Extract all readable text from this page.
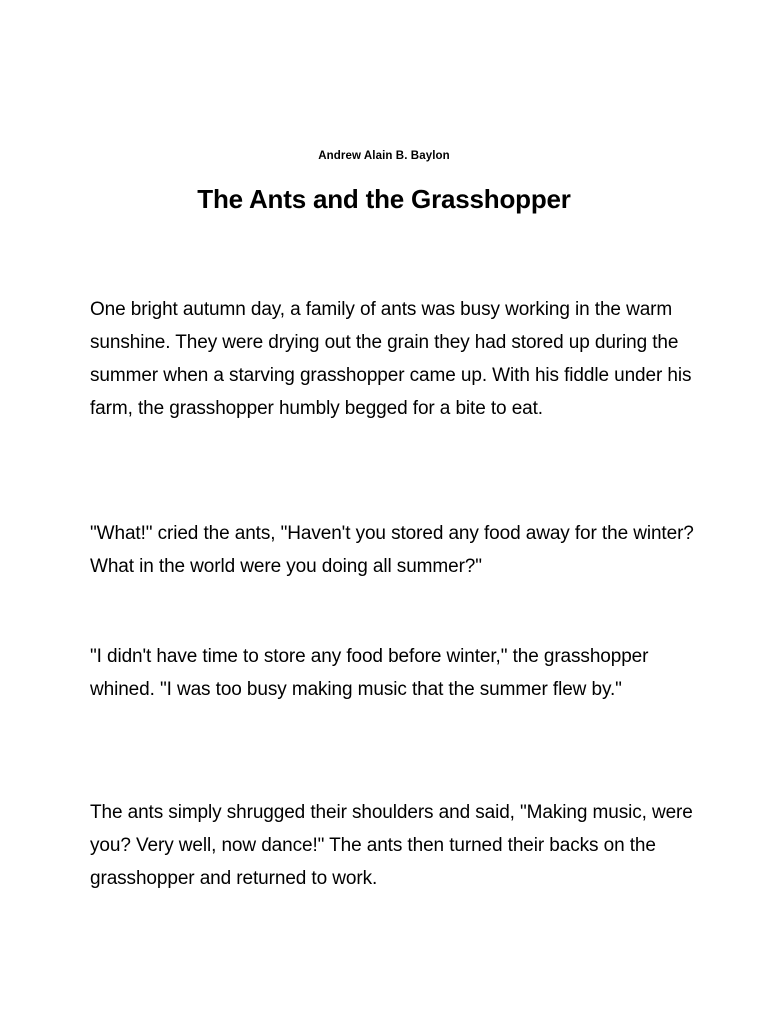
Andrew Alain B. Baylon
The Ants and the Grasshopper

One bright autumn day, a family of ants was busy working in the warm sunshine. They were drying out the grain they had stored up during the summer when a starving grasshopper came up. With his fiddle under his farm, the grasshopper humbly begged for a bite to eat.

"What!" cried the ants, "Haven't you stored any food away for the winter? What in the world were you doing all summer?"

"I didn't have time to store any food before winter," the grasshopper whined. "I was too busy making music that the summer flew by."

The ants simply shrugged their shoulders and said, "Making music, were you? Very well, now dance!" The ants then turned their backs on the grasshopper and returned to work.
